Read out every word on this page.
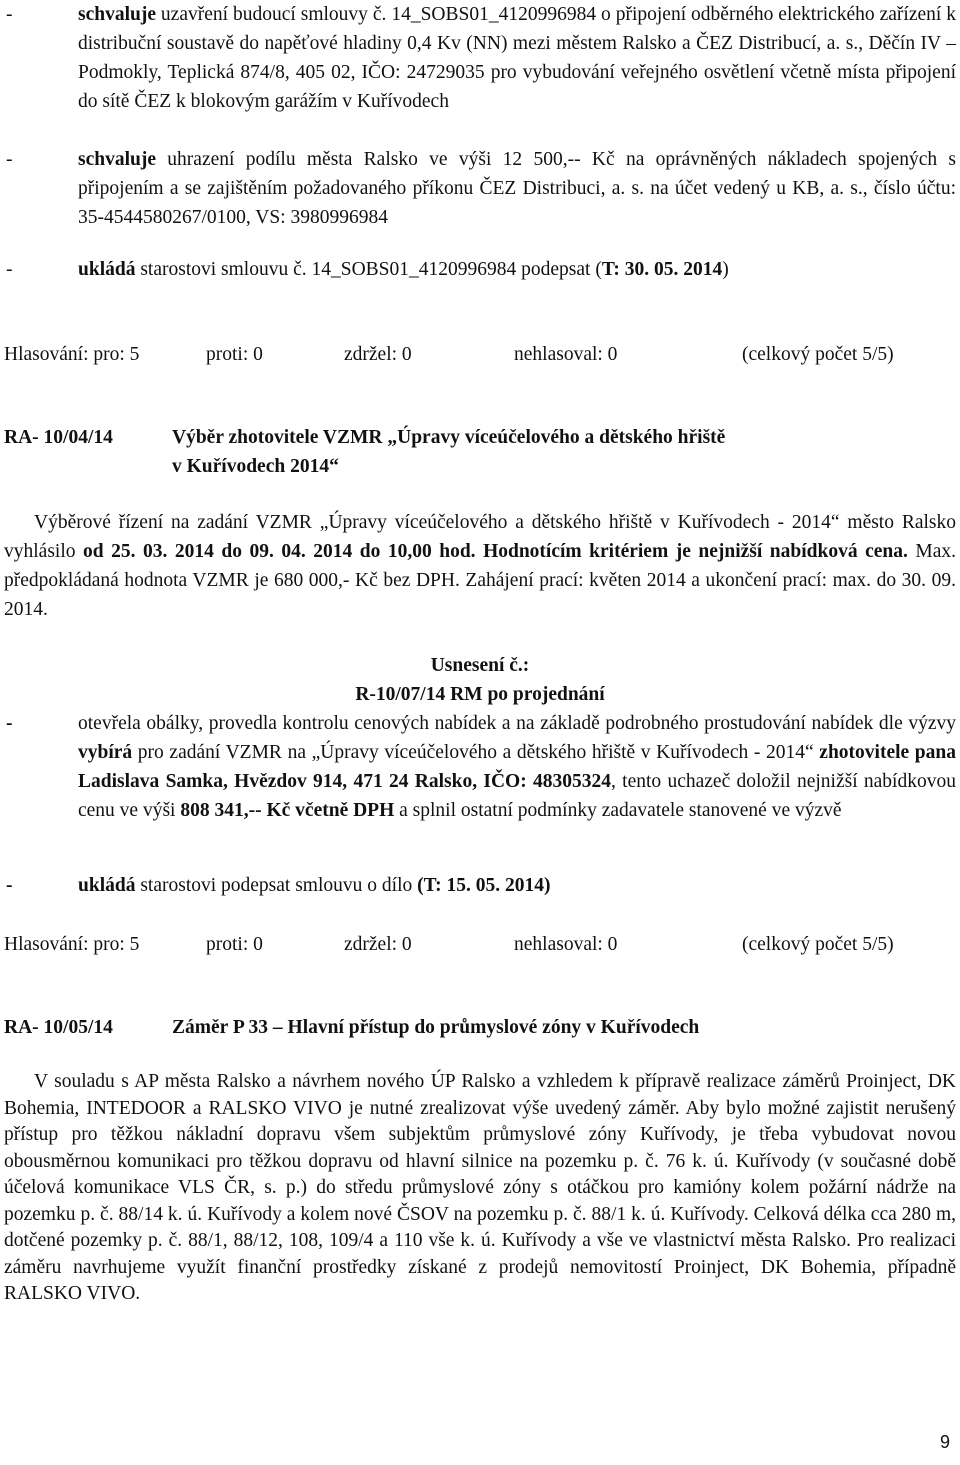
-	schvaluje uzavření budoucí smlouvy č. 14_SOBS01_4120996984 o připojení odběrného elektrického zařízení k distribuční soustavě do napěťové hladiny 0,4 Kv (NN) mezi městem Ralsko a ČEZ Distribucí, a. s., Děčín IV – Podmokly, Teplická 874/8, 405 02, IČO: 24729035 pro vybudování veřejného osvětlení včetně místa připojení do sítě ČEZ k blokovým garážím v Kuřívodech
-	schvaluje uhrazení podílu města Ralsko ve výši 12 500,-- Kč na oprávněných nákladech spojených s připojením a se zajištěním požadovaného příkonu ČEZ Distribuci, a. s. na účet vedený u KB, a. s., číslo účtu: 35-4544580267/0100, VS: 3980996984
-	ukládá starostovi smlouvu č. 14_SOBS01_4120996984 podepsat (T: 30. 05. 2014)
Hlasování: pro: 5	proti: 0	zdržel: 0	nehlasoval: 0	(celkový počet 5/5)
RA- 10/04/14	Výběr zhotovitele VZMR „Úpravy víceúčelového a dětského hřiště
v Kuřívodech 2014“
Výběrové řízení na zadání VZMR „Úpravy víceúčelového a dětského hřiště v Kuřívodech - 2014“ město Ralsko vyhlásilo od 25. 03. 2014 do 09. 04. 2014 do 10,00 hod. Hodnotícím kritériem je nejnižší nabídková cena. Max. předpokládaná hodnota VZMR je 680 000,- Kč bez DPH. Zahájení prací: květen 2014 a ukončení prací: max. do 30. 09. 2014.
Usnesení č.:
R-10/07/14 RM po projednání
-	otevřela obálky, provedla kontrolu cenových nabídek a na základě podrobného prostudování nabídek dle výzvy vybírá pro zadání VZMR na „Úpravy víceúčelového a dětského hřiště v Kuřívodech - 2014“ zhotovitele pana Ladislava Samka, Hvězdov 914, 471 24 Ralsko, IČO: 48305324, tento uchazeč doložil nejnižší nabídkovou cenu ve výši 808 341,-- Kč včetně DPH a splnil ostatní podmínky zadavatele stanovené ve výzvě
-	ukládá starostovi podepsat smlouvu o dílo (T: 15. 05. 2014)
Hlasování: pro: 5	proti: 0	zdržel: 0	nehlasoval: 0	(celkový počet 5/5)
RA- 10/05/14	Záměr P 33 – Hlavní přístup do průmyslové zóny v Kuřívodech
V souladu s AP města Ralsko a návrhem nového ÚP Ralsko a vzhledem k přípravě realizace záměrů Proinject, DK Bohemia, INTEDOOR a RALSKO VIVO je nutné zrealizovat výše uvedený záměr. Aby bylo možné zajistit nerušený přístup pro těžkou nákladní dopravu všem subjektům průmyslové zóny Kuřívody, je třeba vybudovat novou obousměrnou komunikaci pro těžkou dopravu od hlavní silnice na pozemku p. č. 76 k. ú. Kuřívody (v současné době účelová komunikace VLS ČR, s. p.) do středu průmyslové zóny s otáčkou pro kamióny kolem požární nádrže na pozemku p. č. 88/14 k. ú. Kuřívody a kolem nové ČSOV na pozemku p. č. 88/1 k. ú. Kuřívody. Celková délka cca 280 m, dotčené pozemky p. č. 88/1, 88/12, 108, 109/4 a 110 vše k. ú. Kuřívody a vše ve vlastnictví města Ralsko. Pro realizaci záměru navrhujeme využít finanční prostředky získané z prodejů nemovitostí Proinject, DK Bohemia, případně RALSKO VIVO.
9
